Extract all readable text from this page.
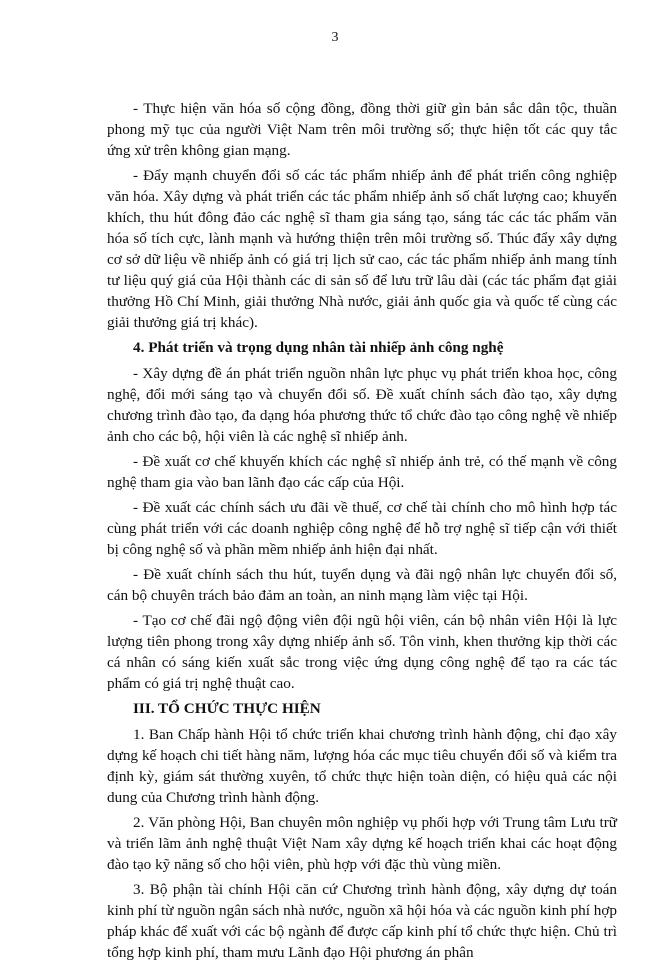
3

- Thực hiện văn hóa số cộng đồng, đồng thời giữ gìn bản sắc dân tộc, thuần phong mỹ tục của người Việt Nam trên môi trường số; thực hiện tốt các quy tắc ứng xử trên không gian mạng.

- Đẩy mạnh chuyển đổi số các tác phẩm nhiếp ảnh để phát triển công nghiệp văn hóa. Xây dựng và phát triển các tác phẩm nhiếp ảnh số chất lượng cao; khuyến khích, thu hút đông đảo các nghệ sĩ tham gia sáng tạo, sáng tác các tác phẩm văn hóa số tích cực, lành mạnh và hướng thiện trên môi trường số. Thúc đẩy xây dựng cơ sở dữ liệu về nhiếp ảnh có giá trị lịch sử cao, các tác phẩm nhiếp ảnh mang tính tư liệu quý giá của Hội thành các di sản số để lưu trữ lâu dài (các tác phẩm đạt giải thưởng Hồ Chí Minh, giải thưởng Nhà nước, giải ảnh quốc gia và quốc tế cùng các giải thưởng giá trị khác).

4. Phát triển và trọng dụng nhân tài nhiếp ảnh công nghệ

- Xây dựng đề án phát triển nguồn nhân lực phục vụ phát triển khoa học, công nghệ, đổi mới sáng tạo và chuyển đổi số. Đề xuất chính sách đào tạo, xây dựng chương trình đào tạo, đa dạng hóa phương thức tổ chức đào tạo công nghệ về nhiếp ảnh cho các bộ, hội viên là các nghệ sĩ nhiếp ảnh.

- Đề xuất cơ chế khuyến khích các nghệ sĩ nhiếp ảnh trẻ, có thế mạnh về công nghệ tham gia vào ban lãnh đạo các cấp của Hội.

- Đề xuất các chính sách ưu đãi về thuế, cơ chế tài chính cho mô hình hợp tác cùng phát triển với các doanh nghiệp công nghệ để hỗ trợ nghệ sĩ tiếp cận với thiết bị công nghệ số và phần mềm nhiếp ảnh hiện đại nhất.

- Đề xuất chính sách thu hút, tuyển dụng và đãi ngộ nhân lực chuyển đổi số, cán bộ chuyên trách bảo đảm an toàn, an ninh mạng làm việc tại Hội.

- Tạo cơ chế đãi ngộ động viên đội ngũ hội viên, cán bộ nhân viên Hội là lực lượng tiên phong trong xây dựng nhiếp ảnh số. Tôn vinh, khen thưởng kịp thời các cá nhân có sáng kiến xuất sắc trong việc ứng dụng công nghệ để tạo ra các tác phẩm có giá trị nghệ thuật cao.

III. TỔ CHỨC THỰC HIỆN

1. Ban Chấp hành Hội tổ chức triển khai chương trình hành động, chỉ đạo xây dựng kế hoạch chi tiết hàng năm, lượng hóa các mục tiêu chuyển đổi số và kiểm tra định kỳ, giám sát thường xuyên, tổ chức thực hiện toàn diện, có hiệu quả các nội dung của Chương trình hành động.

2. Văn phòng Hội, Ban chuyên môn nghiệp vụ phối hợp với Trung tâm Lưu trữ và triển lãm ảnh nghệ thuật Việt Nam xây dựng kế hoạch triển khai các hoạt động đào tạo kỹ năng số cho hội viên, phù hợp với đặc thù vùng miền.

3. Bộ phận tài chính Hội căn cứ Chương trình hành động, xây dựng dự toán kinh phí từ nguồn ngân sách nhà nước, nguồn xã hội hóa và các nguồn kinh phí hợp pháp khác để xuất với các bộ ngành để được cấp kinh phí tổ chức thực hiện. Chủ trì tổng hợp kinh phí, tham mưu Lãnh đạo Hội phương án phân
